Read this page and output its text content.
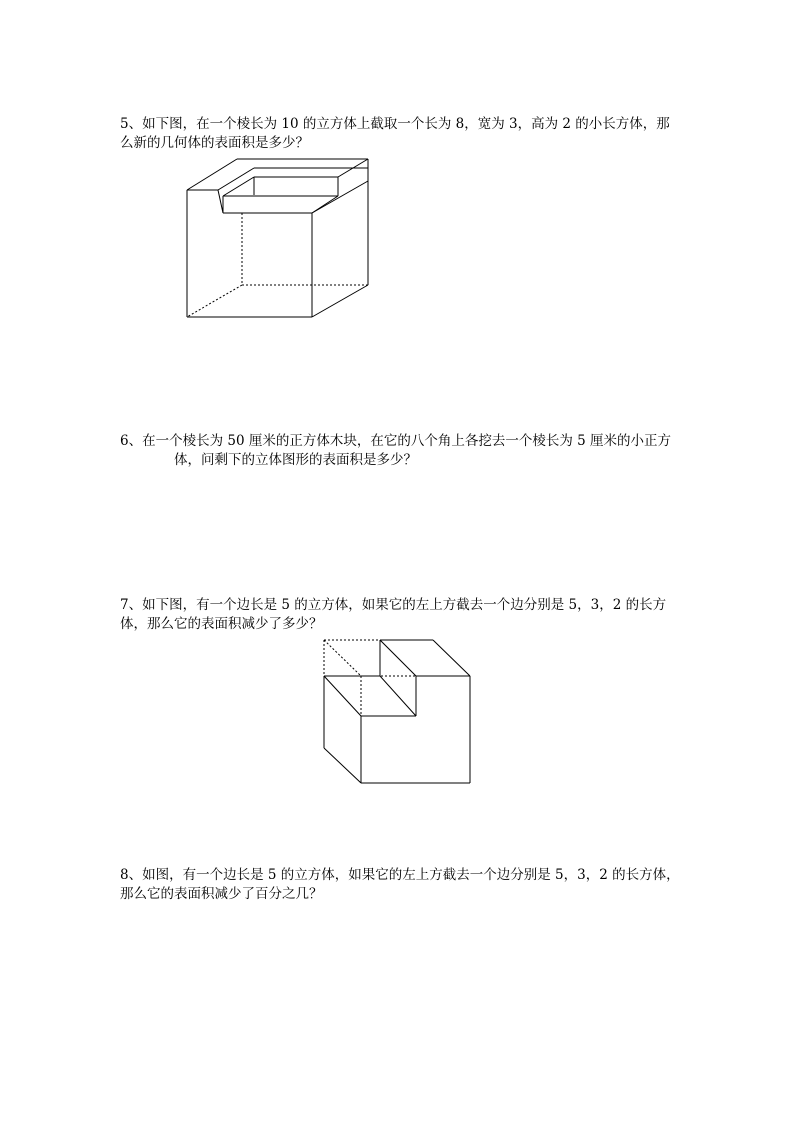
5、如下图，在一个棱长为 10 的立方体上截取一个长为 8，宽为 3，高为 2 的小长方体，那
么新的几何体的表面积是多少？
6、在一个棱长为 50 厘米的正方体木块，在它的八个角上各挖去一个棱长为 5 厘米的小正方
体，问剩下的立体图形的表面积是多少？
7、如下图，有一个边长是 5 的立方体，如果它的左上方截去一个边分别是 5，3，2 的长方
体，那么它的表面积减少了多少？
8、如图，有一个边长是 5 的立方体，如果它的左上方截去一个边分别是 5，3，2 的长方体，
那么它的表面积减少了百分之几？
